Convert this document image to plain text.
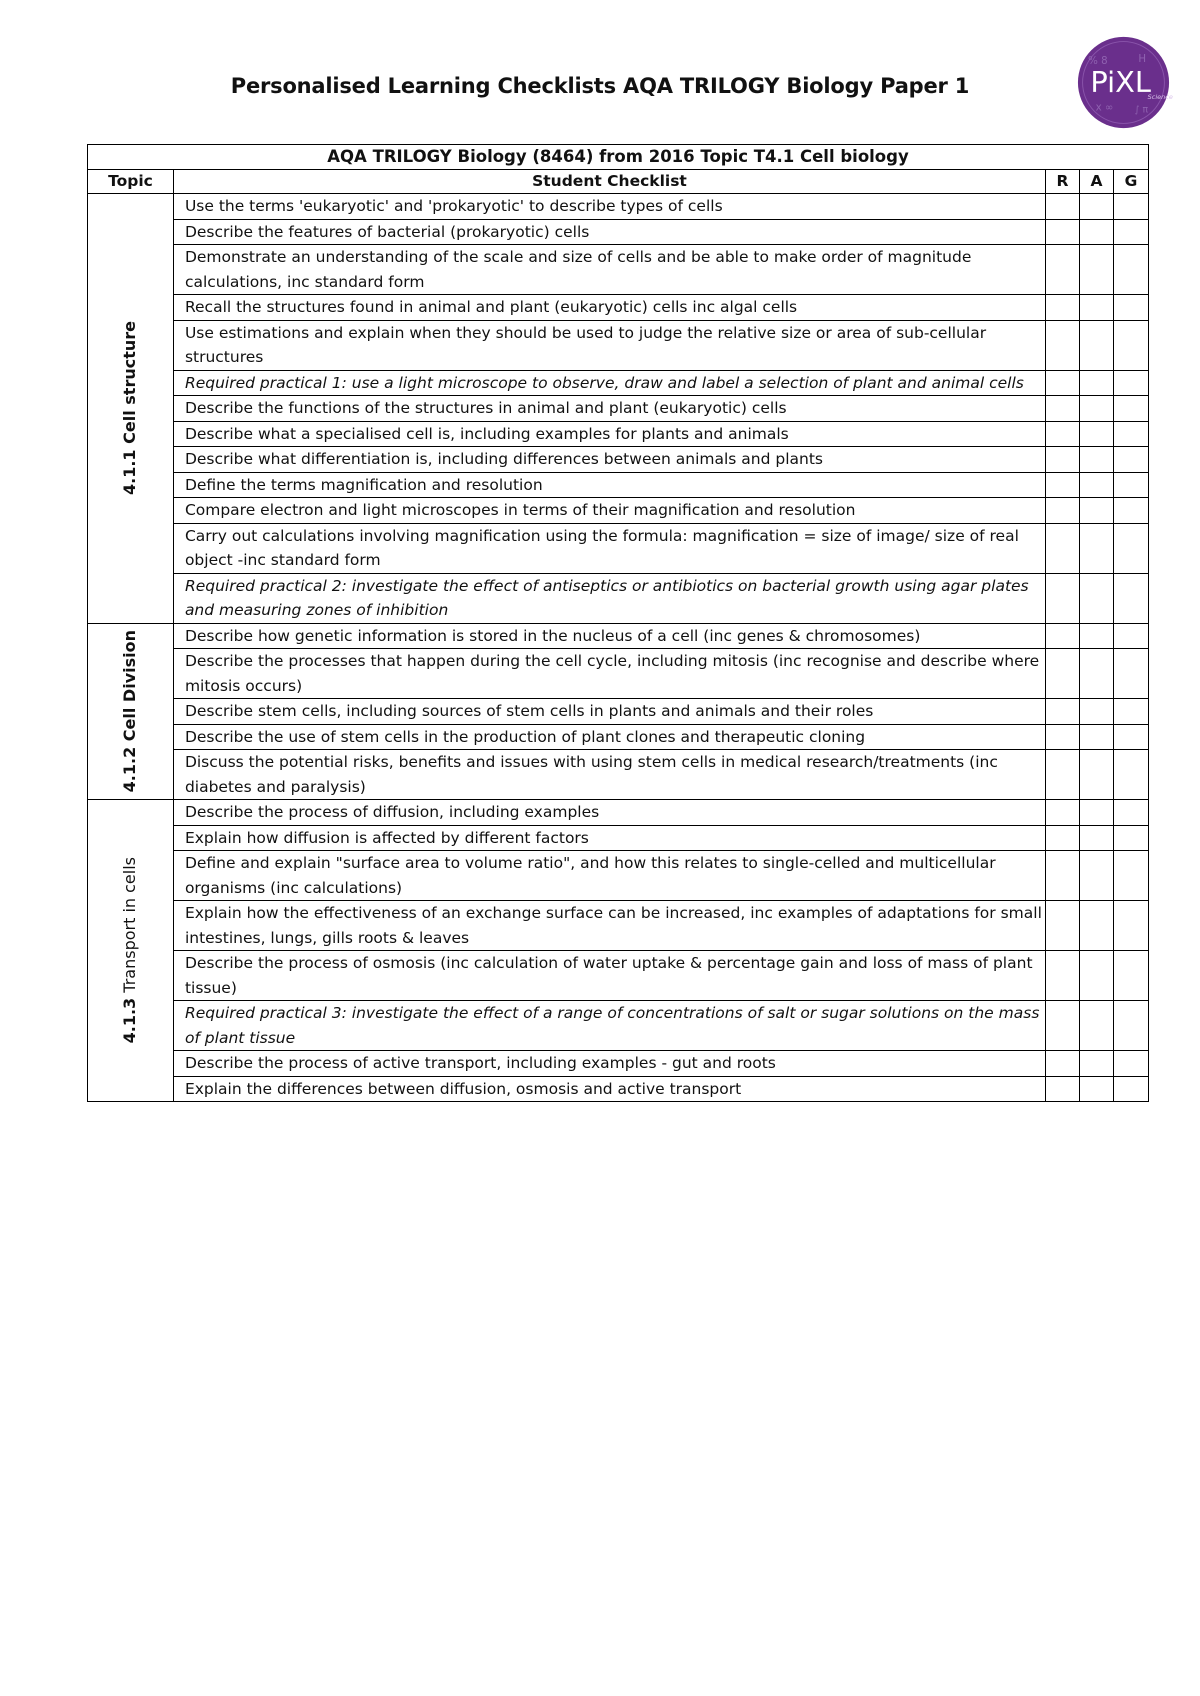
Personalised Learning Checklists AQA TRILOGY Biology Paper 1
% 8	H
x ∞ ∫ π
PiXL
Science
AQA TRILOGY Biology (8464) from 2016 Topic T4.1 Cell biology				
Topic	Student Checklist	R	A	G

4.1.1 Cell structure	Use the terms 'eukaryotic' and 'prokaryotic' to describe types of cells			
	Describe the features of bacterial (prokaryotic) cells			
	Demonstrate an understanding of the scale and size of cells and be able to make order of magnitude calculations, inc standard form			
	Recall the structures found in animal and plant (eukaryotic) cells inc algal cells			
	Use estimations and explain when they should be used to judge the relative size or area of sub-cellular structures			
	Required practical 1: use a light microscope to observe, draw and label a selection of plant and animal cells			
	Describe the functions of the structures in animal and plant (eukaryotic) cells			
	Describe what a specialised cell is, including examples for plants and animals			
	Describe what differentiation is, including differences between animals and plants			
	Define the terms magnification and resolution			
	Compare electron and light microscopes in terms of their magnification and resolution			
	Carry out calculations involving magnification using the formula: magnification = size of image/ size of real object -inc standard form			
	Required practical 2: investigate the effect of antiseptics or antibiotics on bacterial growth using agar plates and measuring zones of inhibition			

4.1.2 Cell Division	Describe how genetic information is stored in the nucleus of a cell (inc genes & chromosomes)			
	Describe the processes that happen during the cell cycle, including mitosis (inc recognise and describe where mitosis occurs)			
	Describe stem cells, including sources of stem cells in plants and animals and their roles			
	Describe the use of stem cells in the production of plant clones and therapeutic cloning			
	Discuss the potential risks, benefits and issues with using stem cells in medical research/treatments (inc diabetes and paralysis)			

4.1.3 Transport in cells	Describe the process of diffusion, including examples			
	Explain how diffusion is affected by different factors			
	Define and explain "surface area to volume ratio", and how this relates to single-celled and multicellular organisms (inc calculations)			
	Explain how the effectiveness of an exchange surface can be increased, inc examples of adaptations for small intestines, lungs, gills roots & leaves			
	Describe the process of osmosis (inc calculation of water uptake & percentage gain and loss of mass of plant tissue)			
	Required practical 3: investigate the effect of a range of concentrations of salt or sugar solutions on the mass of plant tissue			
	Describe the process of active transport, including examples - gut and roots			
	Explain the differences between diffusion, osmosis and active transport			
